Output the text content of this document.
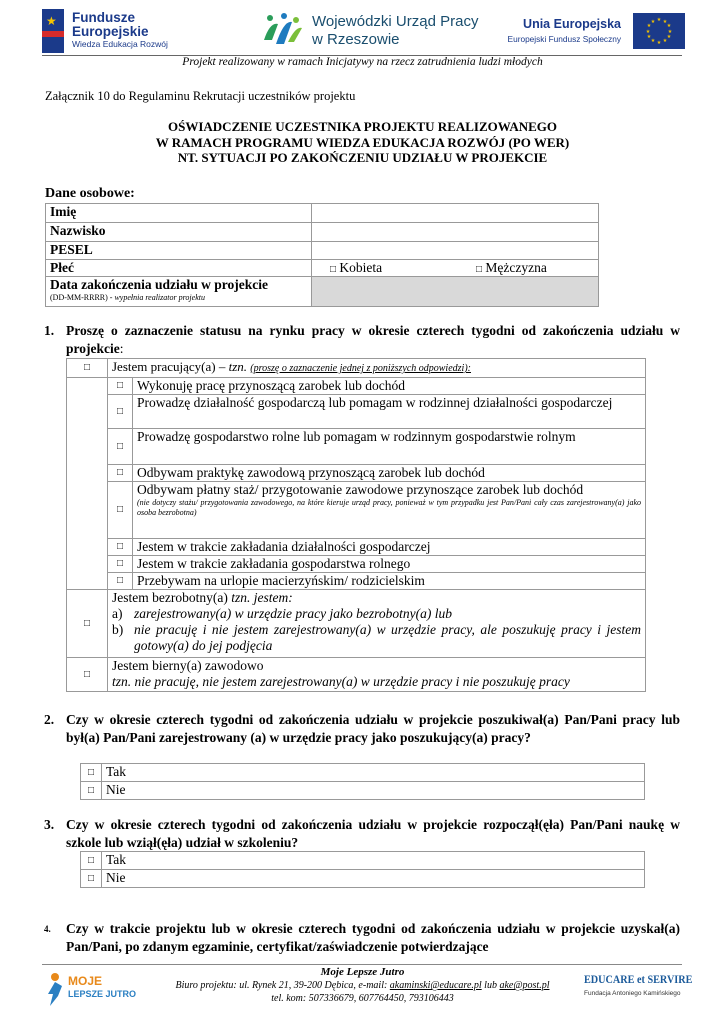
★ Fundusze
Europejskie
Wiedza Edukacja Rozwój
Wojewódzki Urząd Pracy
w Rzeszowie
Unia Europejska
Europejski Fundusz Społeczny
★ ★
★
★
★
★
★
★
★
★
★
★
Projekt realizowany w ramach Inicjatywy na rzecz zatrudnienia ludzi młodych
Załącznik 10 do Regulaminu Rekrutacji uczestników projektu
OŚWIADCZENIE UCZESTNIKA PROJEKTU REALIZOWANEGO
W RAMACH PROGRAMU WIEDZA EDUKACJA ROZWÓJ (PO WER)
NT. SYTUACJI PO ZAKOŃCZENIU UDZIAŁU W PROJEKCIE
Dane osobowe:
Imię	
Nazwisko	
PESEL	
Płeć	□ Kobieta □ Mężczyzna

Data zakończenia udziału w projekcie
(DD-MM-RRRR) - wypełnia realizator projektu	

1. Proszę o zaznaczenie statusu na rynku pracy w okresie czterech tygodni od zakończenia udziału w projekcie:
□	Jestem pracujący(a) – tzn. (proszę o zaznaczenie jednej z poniższych odpowiedzi):	
	□	Wykonuję pracę przynoszącą zarobek lub dochód
	□	Prowadzę działalność gospodarczą lub pomagam w rodzinnej działalności gospodarczej
	□	Prowadzę gospodarstwo rolne lub pomagam w rodzinnym gospodarstwie rolnym
	□	Odbywam praktykę zawodową przynoszącą zarobek lub dochód
	□	Odbywam płatny staż/ przygotowanie zawodowe przynoszące zarobek lub dochód
(nie dotyczy stażu/ przygotowania zawodowego, na które kieruje urząd pracy, ponieważ w tym przypadku jest Pan/Pani cały czas zarejestrowany(a) jako osoba bezrobotna)

	□	Jestem w trakcie zakładania działalności gospodarczej
	□	Jestem w trakcie zakładania gospodarstwa rolnego
	□	Przebywam na urlopie macierzyńskim/ rodzicielskim
□	Jestem bezrobotny(a) tzn. jestem:
a) zarejestrowany(a) w urzędzie pracy jako bezrobotny(a) lub
b) nie pracuję i nie jestem zarejestrowany(a) w urzędzie pracy, ale poszukuję pracy i jestem gotowy(a) do jej podjęcia	

□	Jestem bierny(a) zawodowo
tzn. nie pracuję, nie jestem zarejestrowany(a) w urzędzie pracy i nie poszukuję pracy	
2. Czy w okresie czterech tygodni od zakończenia udziału w projekcie poszukiwał(a) Pan/Pani pracy lub był(a) Pan/Pani zarejestrowany (a) w urzędzie pracy jako poszukujący(a) pracy?
□	Tak
□	Nie
3. Czy w okresie czterech tygodni od zakończenia udziału w projekcie rozpoczął(ęła) Pan/Pani naukę w szkole lub wziął(ęła) udział w szkoleniu?
□	Tak
□	Nie
4. Czy w trakcie projektu lub w okresie czterech tygodni od zakończenia udziału w projekcie uzyskał(a) Pan/Pani, po zdanym egzaminie, certyfikat/zaświadczenie potwierdzające
MOJE
LEPSZE JUTRO
Moje Lepsze Jutro
Biuro projektu: ul. Rynek 21, 39-200 Dębica, e-mail: akaminski@educare.pl lub ake@post.pl
tel. kom: 507336679, 607764450, 793106443
EDUCARE et SERVIRE
Fundacja Antoniego Kamińskiego
